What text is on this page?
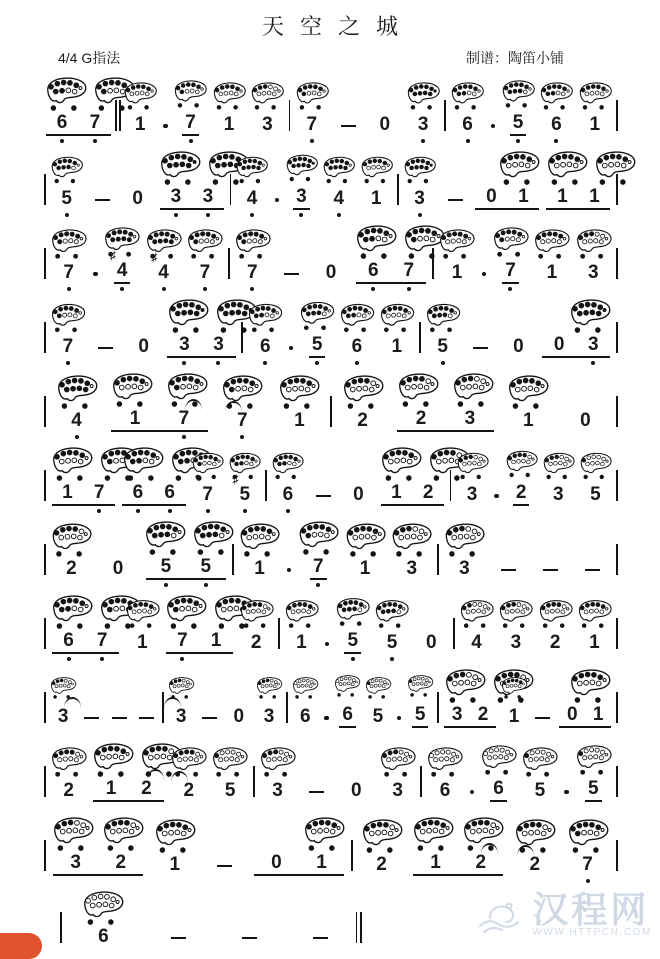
天空之城
4/4 G指法	制谱：陶笛小铺
6 7 1 7 1 3 7	0 3 6 5 6 1
5	0 3 3 4 3 4 1 3	0 1 1 1
7 4
♯
4
♯
7 7	0 6 7 1 7 1 3
7	0 3 3 6 5 6 1 5	0 0 3
4	1 7	7 1	2	2 3	1 0
1 7 6 6 7 5
♯
6	0 1 2 3 2 3 5
2 0 5 5 1	7 1 3 3
6 7 1 7 1 2 1 5 5 0 4 3 2 1
3	3 0 3 6 6 5 5 3 2 1	0 1
2 1 2 2 5 3	0 3 6 6 5 5
3 2 1	0 1	2 1 2 2 7
6
汉程网
WWW.HTTPCN.COM
